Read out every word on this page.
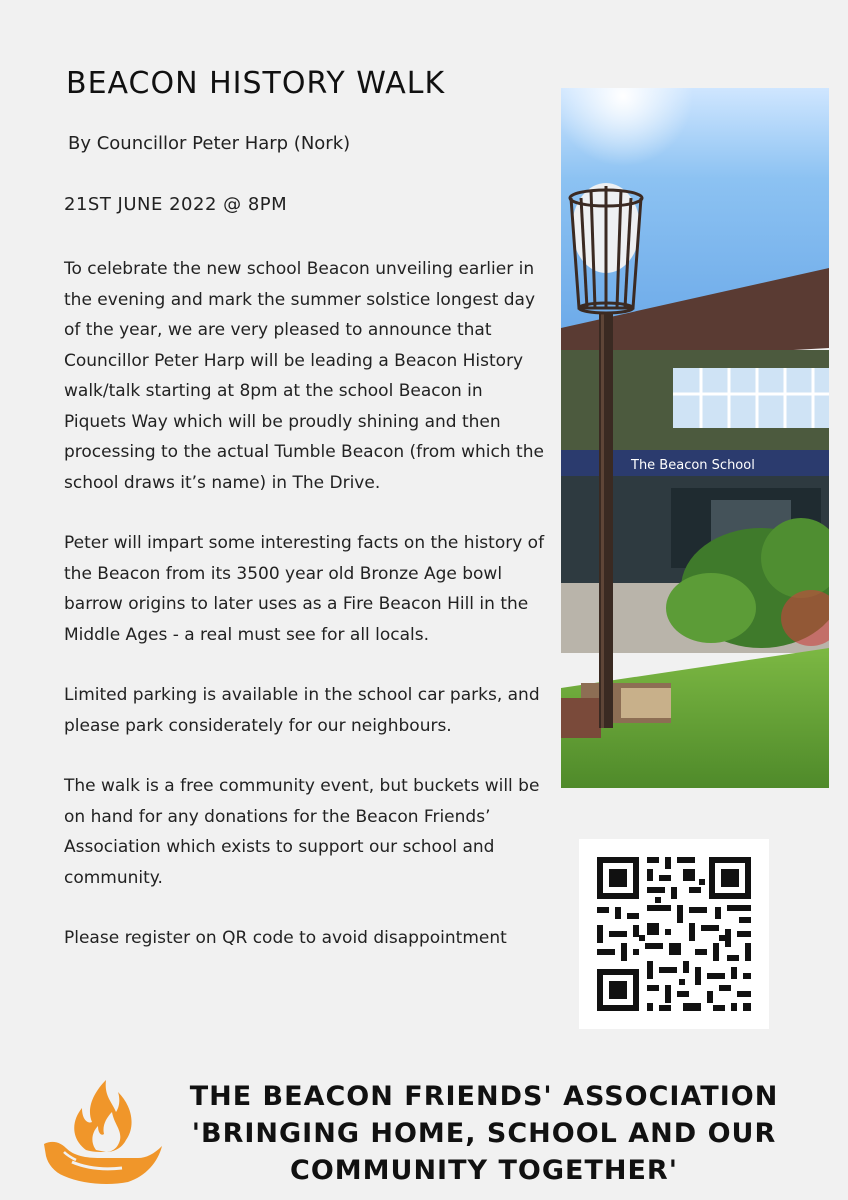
BEACON HISTORY WALK
By Councillor Peter Harp (Nork)
21ST JUNE 2022 @ 8PM

To celebrate the new school Beacon unveiling earlier in the evening and mark the summer solstice longest day of the year, we are very pleased to announce that Councillor Peter Harp will be leading a Beacon History walk/talk starting at 8pm at the school Beacon in Piquets Way which will be proudly shining and then processing to the actual Tumble Beacon (from which the school draws it’s name) in The Drive.

Peter will impart some interesting facts on the history of the Beacon from its 3500 year old Bronze Age bowl barrow origins to later uses as a Fire Beacon Hill in the Middle Ages - a real must see for all locals.

Limited parking is available in the school car parks, and please park considerately for our neighbours.

The walk is a free community event, but buckets will be on hand for any donations for the Beacon Friends’ Association which exists to support our school and community.

Please register on QR code to avoid disappointment

The Beacon School
THE BEACON FRIENDS' ASSOCIATION
'BRINGING HOME, SCHOOL AND OUR
COMMUNITY TOGETHER'
